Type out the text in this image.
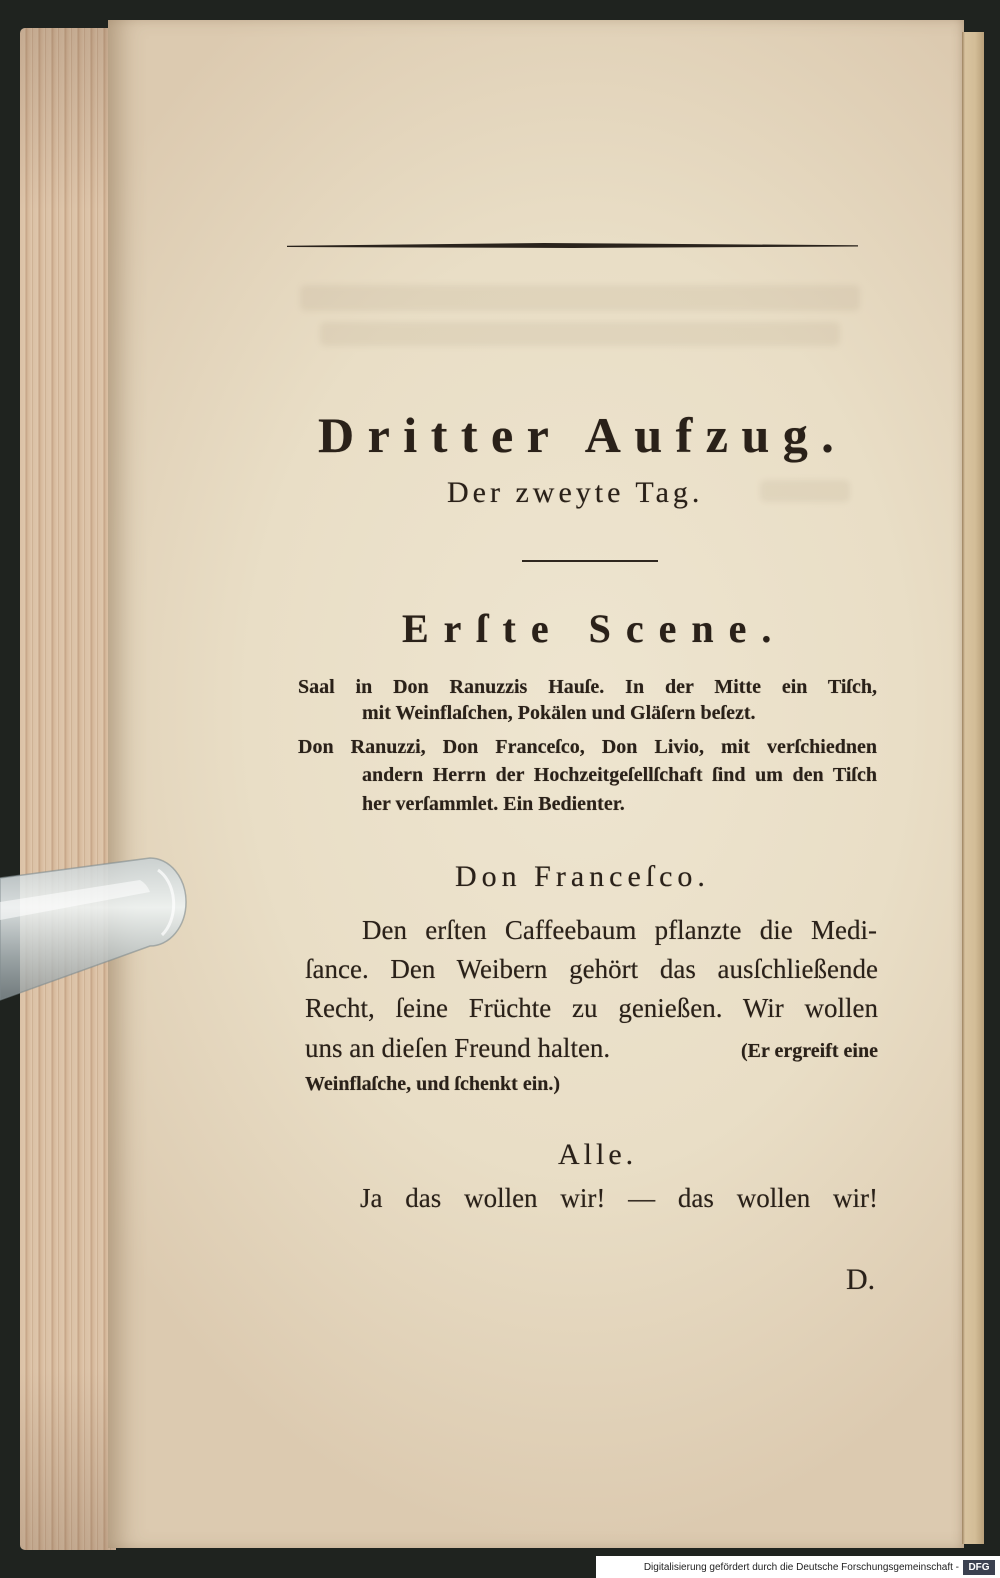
Dritter Aufzug.
Der zweyte Tag.
Erſte Scene.
Saal in Don Ranuzzis Hauſe. In der Mitte ein Tiſch,
mit Weinflaſchen, Pokälen und Gläſern beſezt.
Don Ranuzzi, Don Franceſco, Don Livio, mit verſchiednen
andern Herrn der Hochzeitgeſellſchaft ſind um den Tiſch
her verſammlet. Ein Bedienter.
Don Franceſco.
Den erſten Caffeebaum pflanzte die Medi-
ſance. Den Weibern gehört das ausſchließende
Recht, ſeine Früchte zu genießen. Wir wollen
uns an dieſen Freund halten.	(Er ergreift eine
Weinflaſche, und ſchenkt ein.)
Alle.
Ja das wollen wir! — das wollen wir!
D.
Digitalisierung gefördert durch die Deutsche Forschungsgemeinschaft - DFG
